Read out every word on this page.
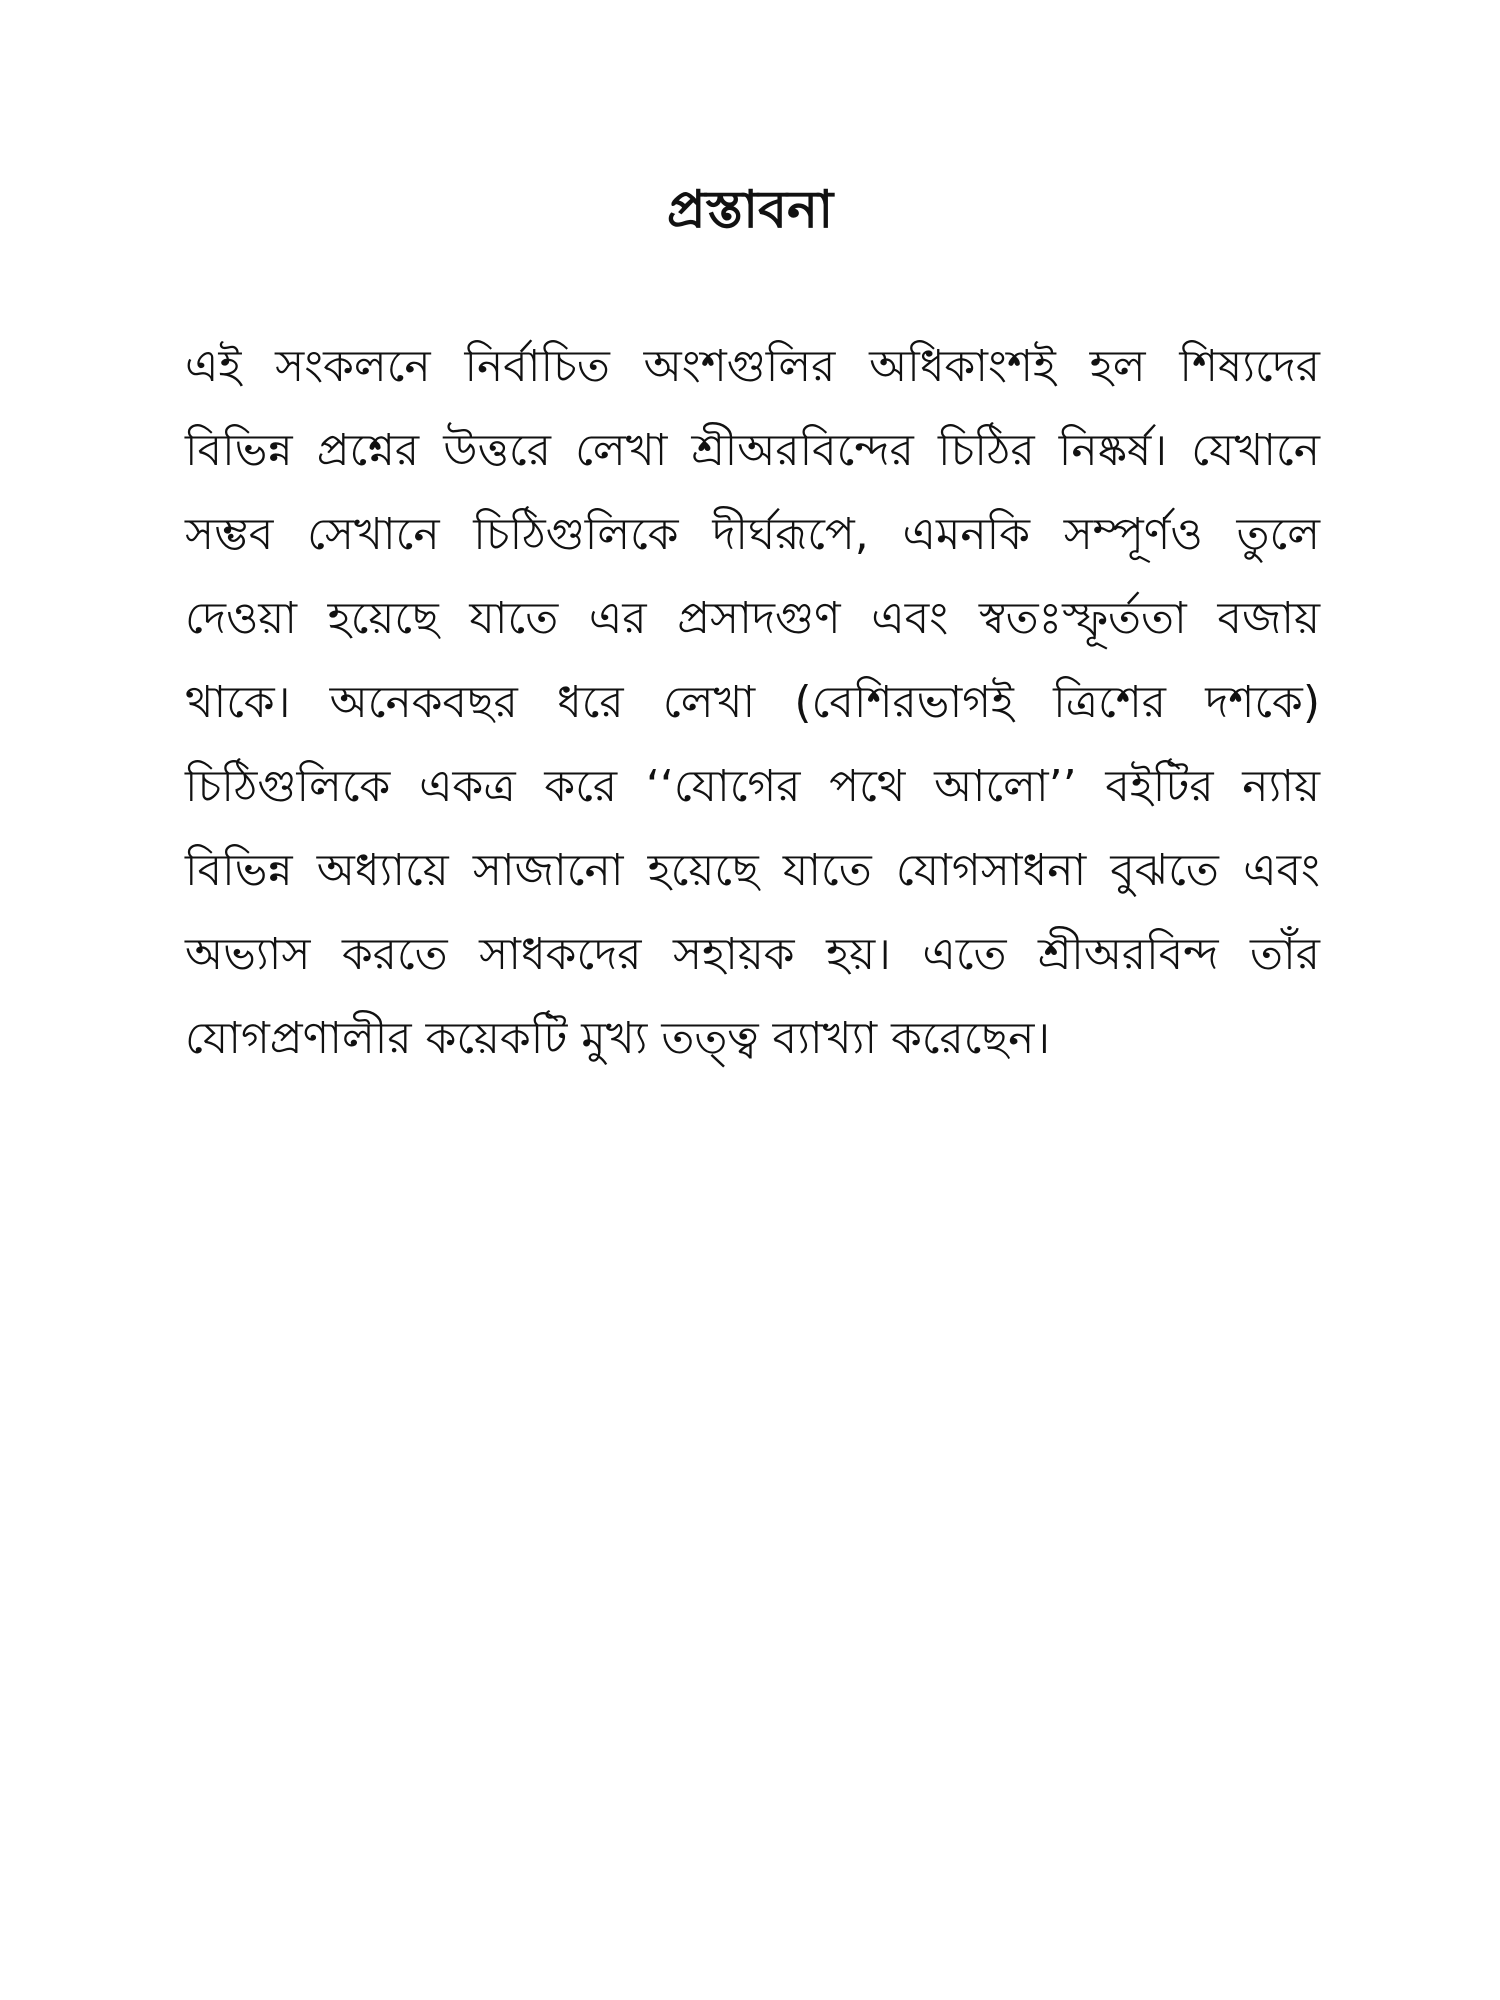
প্রস্তাবনা
এই সংকলনে নির্বাচিত অংশগুলির অধিকাংশই হল শিষ্যদের
বিভিন্ন প্রশ্নের উত্তরে লেখা শ্রীঅরবিন্দের চিঠির নিষ্কর্ষ। যেখানে
সম্ভব সেখানে চিঠিগুলিকে দীর্ঘরূপে, এমনকি সম্পূর্ণও তুলে
দেওয়া হয়েছে যাতে এর প্রসাদগুণ এবং স্বতঃস্ফূর্ততা বজায়
থাকে। অনেকবছর ধরে লেখা (বেশিরভাগই ত্রিশের দশকে)
চিঠিগুলিকে একত্র করে ‘‘যোগের পথে আলো’’ বইটির ন্যায়
বিভিন্ন অধ্যায়ে সাজানো হয়েছে যাতে যোগসাধনা বুঝতে এবং
অভ্যাস করতে সাধকদের সহায়ক হয়। এতে শ্রীঅরবিন্দ তাঁর
যোগপ্রণালীর কয়েকটি মুখ্য তত্ত্ব ব্যাখ্যা করেছেন।
